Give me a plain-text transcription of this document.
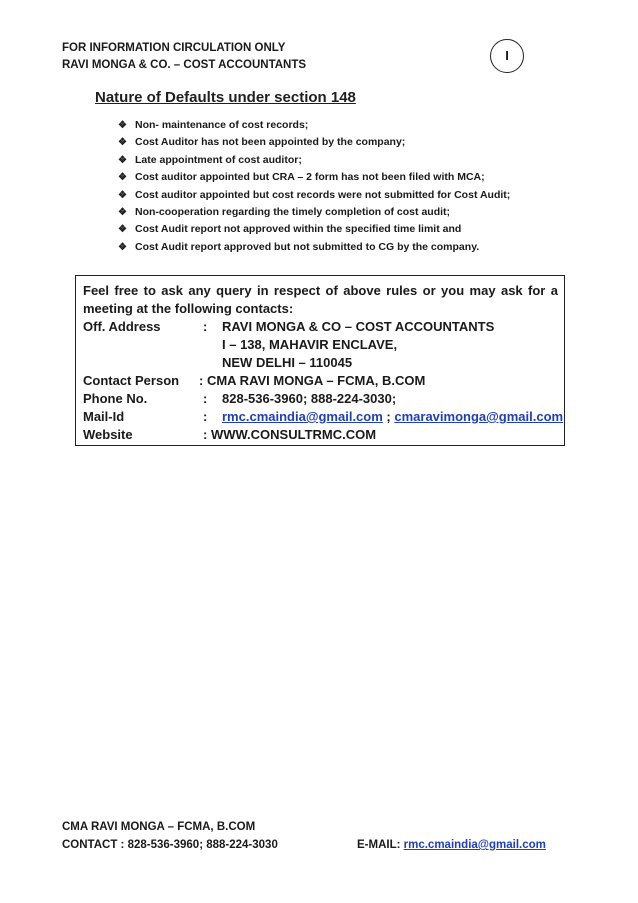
FOR INFORMATION CIRCULATION ONLY
RAVI MONGA & CO. – COST ACCOUNTANTS
I
Nature of Defaults under section 148
❖ Non- maintenance of cost records;
❖ Cost Auditor has not been appointed by the company;
❖ Late appointment of cost auditor;
❖ Cost auditor appointed but CRA – 2 form has not been filed with MCA;
❖ Cost auditor appointed but cost records were not submitted for Cost Audit;
❖ Non-cooperation regarding the timely completion of cost audit;
❖ Cost Audit report not approved within the specified time limit and
❖ Cost Audit report approved but not submitted to CG by the company.
Feel free to ask any query in respect of above rules or you may ask for a meeting at the following contacts:
Off. Address	: RAVI MONGA & CO – COST ACCOUNTANTS
I – 138, MAHAVIR ENCLAVE,
NEW DELHI – 110045
Contact Person : CMA RAVI MONGA – FCMA, B.COM
Phone No.	: 828-536-3960; 888-224-3030;
Mail-Id	: rmc.cmaindia@gmail.com ; cmaravimonga@gmail.com
Website	: WWW.CONSULTRMC.COM
CMA RAVI MONGA – FCMA, B.COM
CONTACT : 828-536-3960; 888-224-3030	E-MAIL: rmc.cmaindia@gmail.com
